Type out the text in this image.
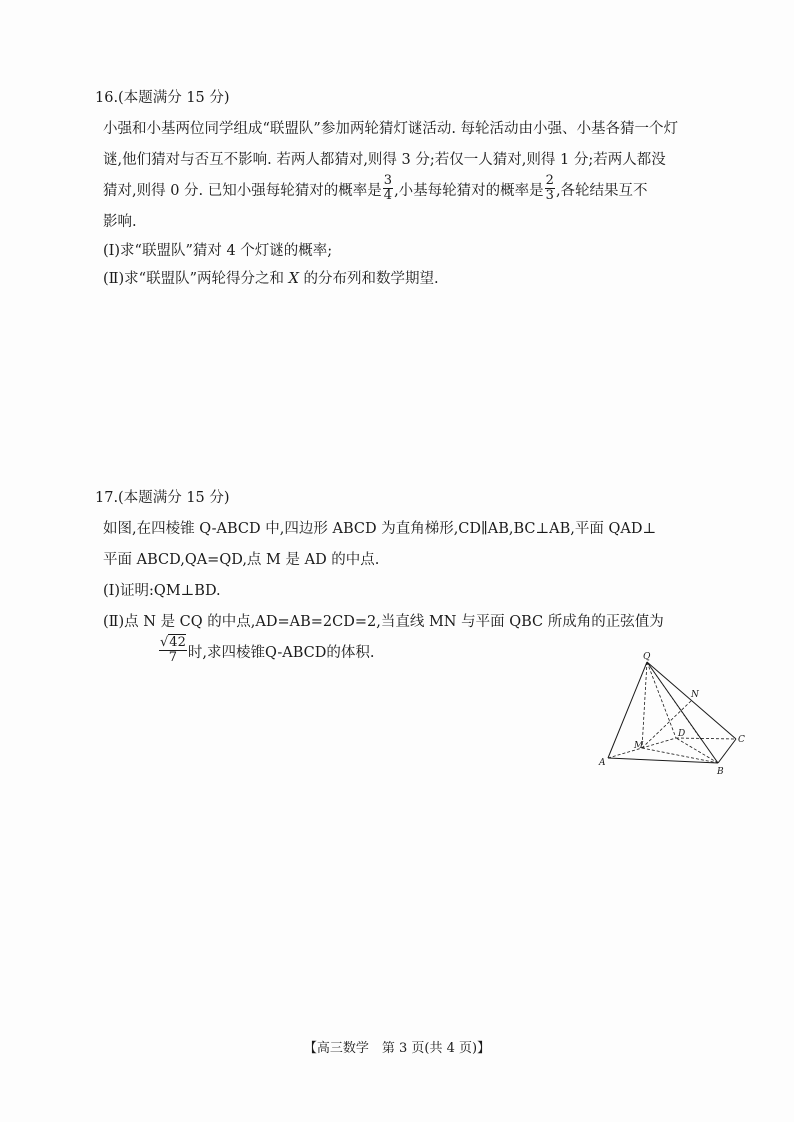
16.(本题满分 15 分)
小强和小基两位同学组成“联盟队”参加两轮猜灯谜活动. 每轮活动由小强、小基各猜一个灯
谜,他们猜对与否互不影响. 若两人都猜对,则得 3 分;若仅一人猜对,则得 1 分;若两人都没
猜对,则得 0 分. 已知小强每轮猜对的概率是 $\frac{3}{4}$ ,小基每轮猜对的概率是 $\frac{2}{3}$ ,各轮结果互不
影响.
(Ⅰ)求“联盟队”猜对 4 个灯谜的概率;
(Ⅱ)求“联盟队”两轮得分之和 X 的分布列和数学期望.
17.(本题满分 15 分)
如图,在四棱锥 Q-ABCD 中,四边形 ABCD 为直角梯形,CD∥AB,BC⊥AB,平面 QAD⊥
平面 ABCD,QA=QD,点 M 是 AD 的中点.
(Ⅰ)证明:QM⊥BD.
(Ⅱ)点 N 是 CQ 的中点,AD=AB=2CD=2,当直线 MN 与平面 QBC 所成角的正弦值为
$\frac{√42}{7}$ 时,求四棱锥Q-ABCD的体积.	Q
N
D
C
M
A
B
【高三数学　第 3 页(共 4 页)】
